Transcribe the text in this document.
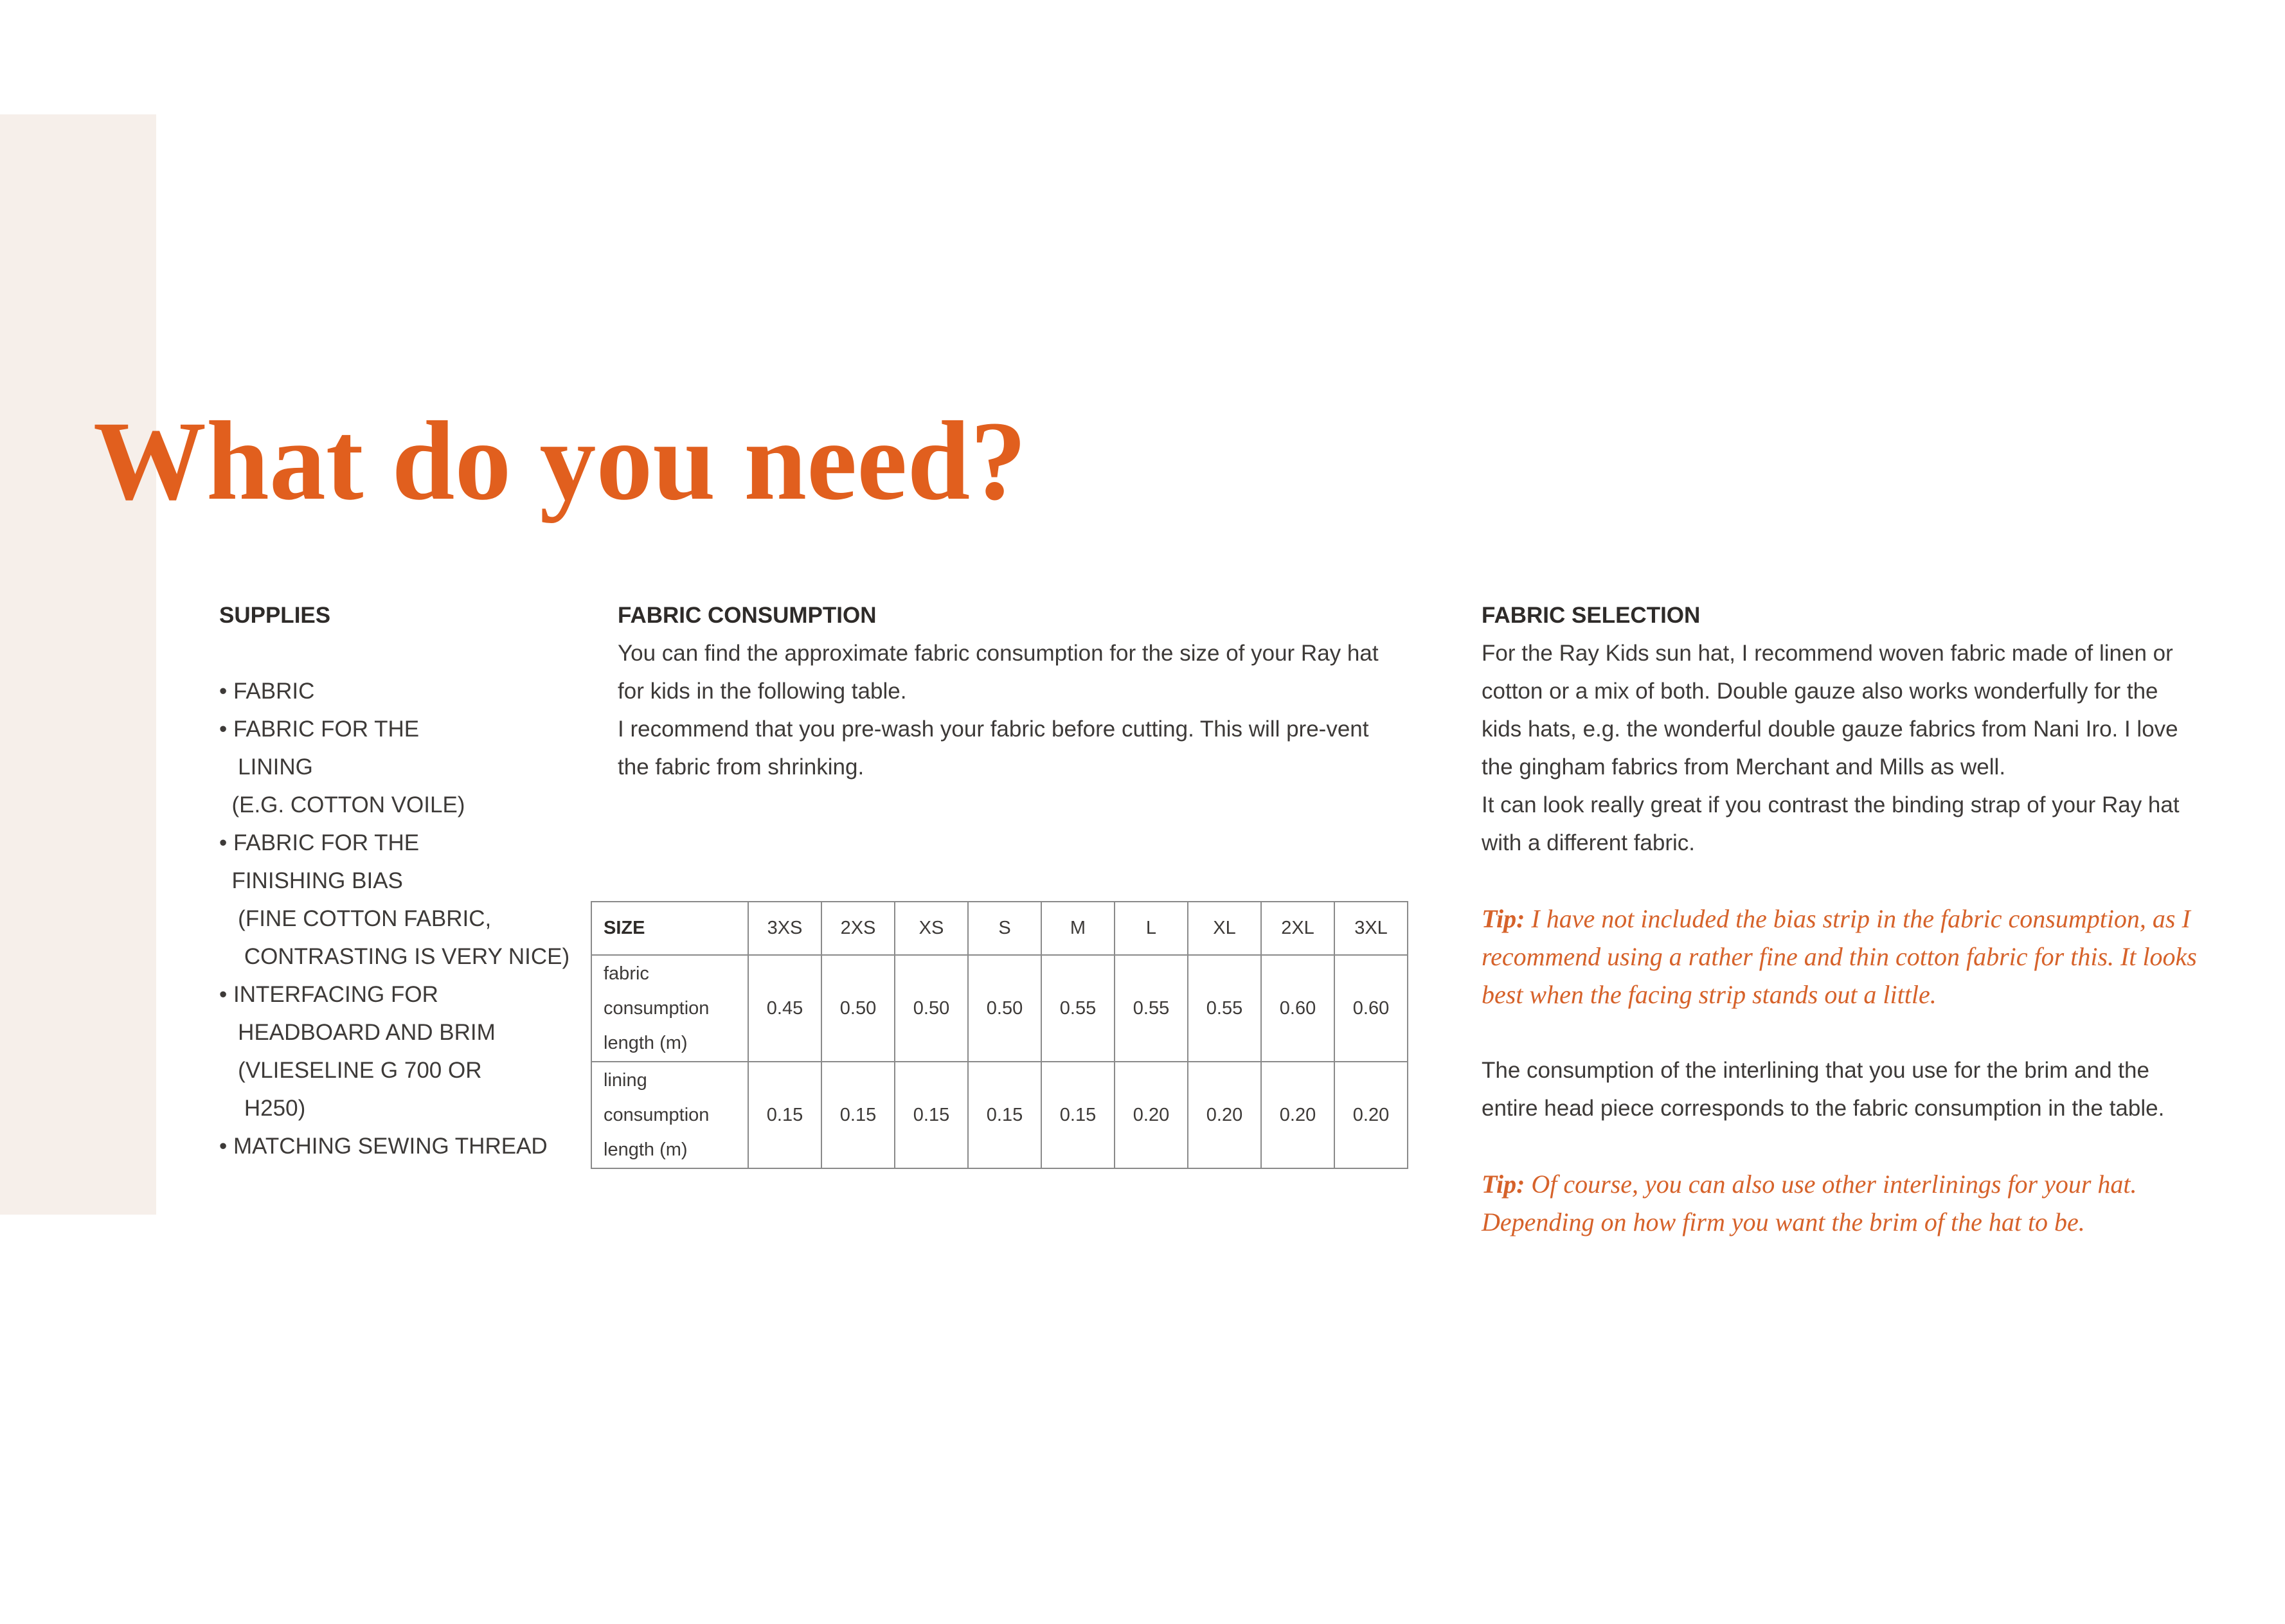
What do you need?
SUPPLIES
• FABRIC
• FABRIC FOR THE
LINING
(E.G. COTTON VOILE)
• FABRIC FOR THE
FINISHING BIAS
(FINE COTTON FABRIC,
CONTRASTING IS VERY NICE)
• INTERFACING FOR
HEADBOARD AND BRIM
(VLIESELINE G 700 OR
H250)
• MATCHING SEWING THREAD
FABRIC CONSUMPTION

You can find the approximate fabric consumption for the size of your Ray hat for kids in the following table.

I recommend that you pre-wash your fabric before cutting. This will pre-vent the fabric from shrinking.

SIZE	3XS	2XS	XS	S	M	L	XL	2XL	3XL
fabric
consumption
length (m)	0.45	0.50	0.50	0.50	0.55	0.55	0.55	0.60	0.60
lining
consumption
length (m)	0.15	0.15	0.15	0.15	0.15	0.20	0.20	0.20	0.20
FABRIC SELECTION

For the Ray Kids sun hat, I recommend woven fabric made of linen or cotton or a mix of both. Double gauze also works wonderfully for the kids hats, e.g. the wonderful double gauze fabrics from Nani Iro. I love the gingham fabrics from Merchant and Mills as well.

It can look really great if you contrast the binding strap of your Ray hat with a different fabric.

Tip: I have not included the bias strip in the fabric consumption, as I recommend using a rather fine and thin cotton fabric for this. It looks best when the facing strip stands out a little.

The consumption of the interlining that you use for the brim and the entire head piece corresponds to the fabric consumption in the table.

Tip: Of course, you can also use other interlinings for your hat. Depending on how firm you want the brim of the hat to be.
